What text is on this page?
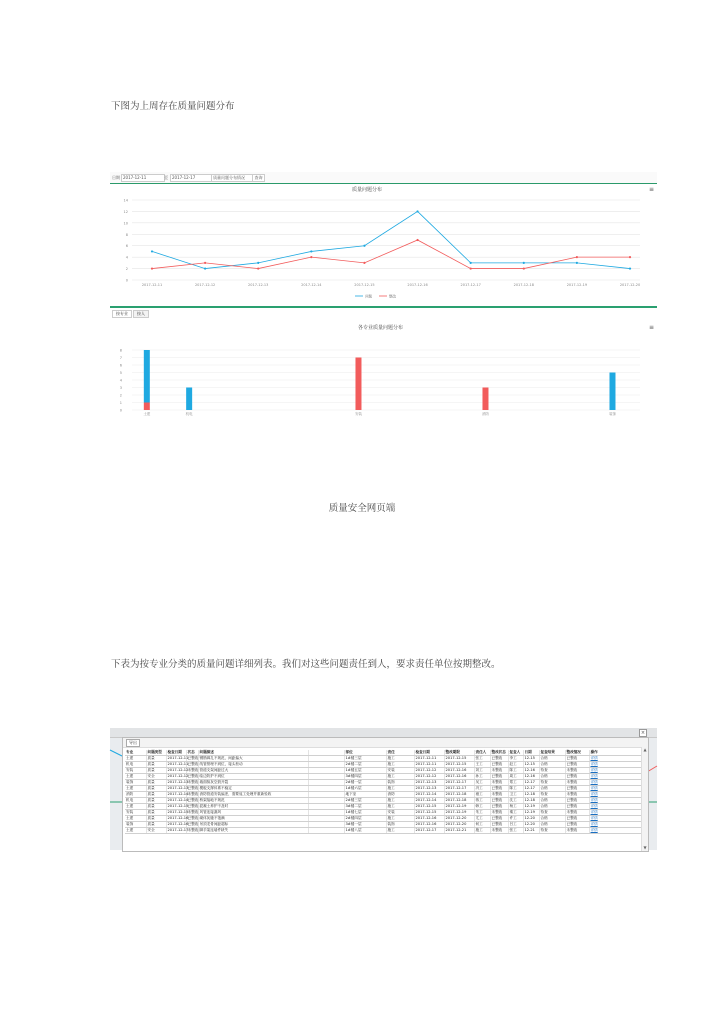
下图为上周存在质量问题分布
质量安全网页端
下表为按专业分类的质量问题详细列表。我们对这些问题责任到人，要求责任单位按期整改。
日期 2017-12-11	至	2017-12-17	质量问题分布情况	查询
质量问题分布	≡
0
2
4
6
8
10
12
14
2017-12-11	2017-12-12	2017-12-13	2017-12-14	2017-12-15	2017-12-16	2017-12-17	2017-12-18	2017-12-19	2017-12-20
问题	整改
按专业 按人
各专业质量问题分布	≡
0
1
2
3
4
5
6
7
8
土建	机电	安装	消防	装饰
×
导出
专业	问题类型	检查日期	状态	问题描述		部位	责任	检查日期	整改期限	责任人	整改状态	复查人	日期	复查结果	整改情况	操作
土建	质量	2017-12-11	已整改	钢筋绑扎不规范，间距偏大		1#楼三层	施工	2017-12-11	2017-12-15	张工	已整改	李工	12-15	合格	已整改	详情
机电	质量	2017-12-11	已整改	线管预埋不到位，接头松动		2#楼二层	施工	2017-12-11	2017-12-15	王工	已整改	赵工	12-15	合格	已整改	详情
安装	质量	2017-12-12	未整改	管道支架间距过大		1#楼五层	安装	2017-12-12	2017-12-16	刘工	未整改	陈工	12-16	待查	未整改	详情
土建	安全	2017-12-12	已整改	临边防护不到位		3#楼四层	施工	2017-12-12	2017-12-16	孙工	已整改	周工	12-16	合格	已整改	详情
装饰	质量	2017-12-13	未整改	墙面抹灰空鼓开裂		2#楼一层	装饰	2017-12-13	2017-12-17	吴工	未整改	郑工	12-17	待查	未整改	详情
土建	质量	2017-12-13	已整改	模板支撑体系不稳定		1#楼六层	施工	2017-12-13	2017-12-17	冯工	已整改	陈工	12-17	合格	已整改	详情
消防	质量	2017-12-14	未整改	消防管道安装偏差，需要返工处理并重新验收		地下室	消防	2017-12-14	2017-12-18	褚工	未整改	卫工	12-18	待查	未整改	详情
机电	质量	2017-12-14	已整改	桥架接地不规范		2#楼三层	施工	2017-12-14	2017-12-18	蒋工	已整改	沈工	12-18	合格	已整改	详情
土建	质量	2017-12-15	已整改	混凝土养护不及时		3#楼二层	施工	2017-12-15	2017-12-19	韩工	已整改	杨工	12-19	合格	已整改	详情
安装	质量	2017-12-15	未整改	风管连接漏风		1#楼七层	安装	2017-12-15	2017-12-19	朱工	未整改	秦工	12-19	待查	未整改	详情
土建	质量	2017-12-16	已整改	砌体灰缝不饱满		2#楼四层	施工	2017-12-16	2017-12-20	尤工	已整改	许工	12-20	合格	已整改	详情
装饰	质量	2017-12-16	已整改	吊顶龙骨间距超标		3#楼一层	装饰	2017-12-16	2017-12-20	何工	已整改	吕工	12-20	合格	已整改	详情
土建	安全	2017-12-17	未整改	脚手架连墙件缺失		1#楼八层	施工	2017-12-17	2017-12-21	施工	未整改	张工	12-21	待查	未整改	详情
▲
▼
